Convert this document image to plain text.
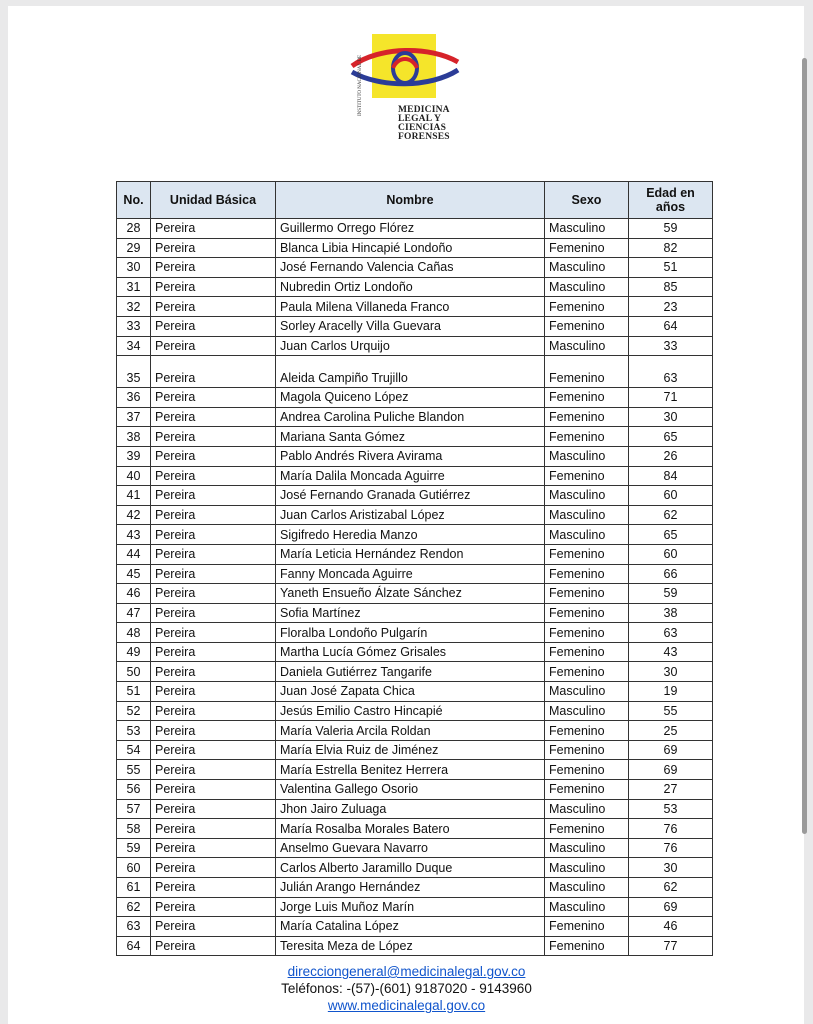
INSTITUTO NACIONAL DE	MEDICINA
LEGAL Y
CIENCIAS
FORENSES
No.	Unidad Básica	Nombre	Sexo	Edad en años
28	Pereira	Guillermo Orrego Flórez	Masculino	59
29	Pereira	Blanca Libia Hincapié Londoño	Femenino	82
30	Pereira	José Fernando Valencia Cañas	Masculino	51
31	Pereira	Nubredin Ortiz Londoño	Masculino	85
32	Pereira	Paula Milena Villaneda Franco	Femenino	23
33	Pereira	Sorley Aracelly Villa Guevara	Femenino	64
34	Pereira	Juan Carlos Urquijo	Masculino	33
35	Pereira	Aleida Campiño Trujillo	Femenino	63
36	Pereira	Magola Quiceno López	Femenino	71
37	Pereira	Andrea Carolina Puliche Blandon	Femenino	30
38	Pereira	Mariana Santa Gómez	Femenino	65
39	Pereira	Pablo Andrés Rivera Avirama	Masculino	26
40	Pereira	María Dalila Moncada Aguirre	Femenino	84
41	Pereira	José Fernando Granada Gutiérrez	Masculino	60
42	Pereira	Juan Carlos Aristizabal López	Masculino	62
43	Pereira	Sigifredo Heredia Manzo	Masculino	65
44	Pereira	María Leticia Hernández Rendon	Femenino	60
45	Pereira	Fanny Moncada Aguirre	Femenino	66
46	Pereira	Yaneth Ensueño Álzate Sánchez	Femenino	59
47	Pereira	Sofia Martínez	Femenino	38
48	Pereira	Floralba Londoño Pulgarín	Femenino	63
49	Pereira	Martha Lucía Gómez Grisales	Femenino	43
50	Pereira	Daniela Gutiérrez Tangarife	Femenino	30
51	Pereira	Juan José Zapata Chica	Masculino	19
52	Pereira	Jesús Emilio Castro Hincapié	Masculino	55
53	Pereira	María Valeria Arcila Roldan	Femenino	25
54	Pereira	María Elvia Ruiz de Jiménez	Femenino	69
55	Pereira	María Estrella Benitez Herrera	Femenino	69
56	Pereira	Valentina Gallego Osorio	Femenino	27
57	Pereira	Jhon Jairo Zuluaga	Masculino	53
58	Pereira	María Rosalba Morales Batero	Femenino	76
59	Pereira	Anselmo Guevara Navarro	Masculino	76
60	Pereira	Carlos Alberto Jaramillo Duque	Masculino	30
61	Pereira	Julián Arango Hernández	Masculino	62
62	Pereira	Jorge Luis Muñoz Marín	Masculino	69
63	Pereira	María Catalina López	Femenino	46
64	Pereira	Teresita Meza de López	Femenino	77
direcciongeneral@medicinalegal.gov.co
Teléfonos: -(57)-(601) 9187020 - 9143960
www.medicinalegal.gov.co
